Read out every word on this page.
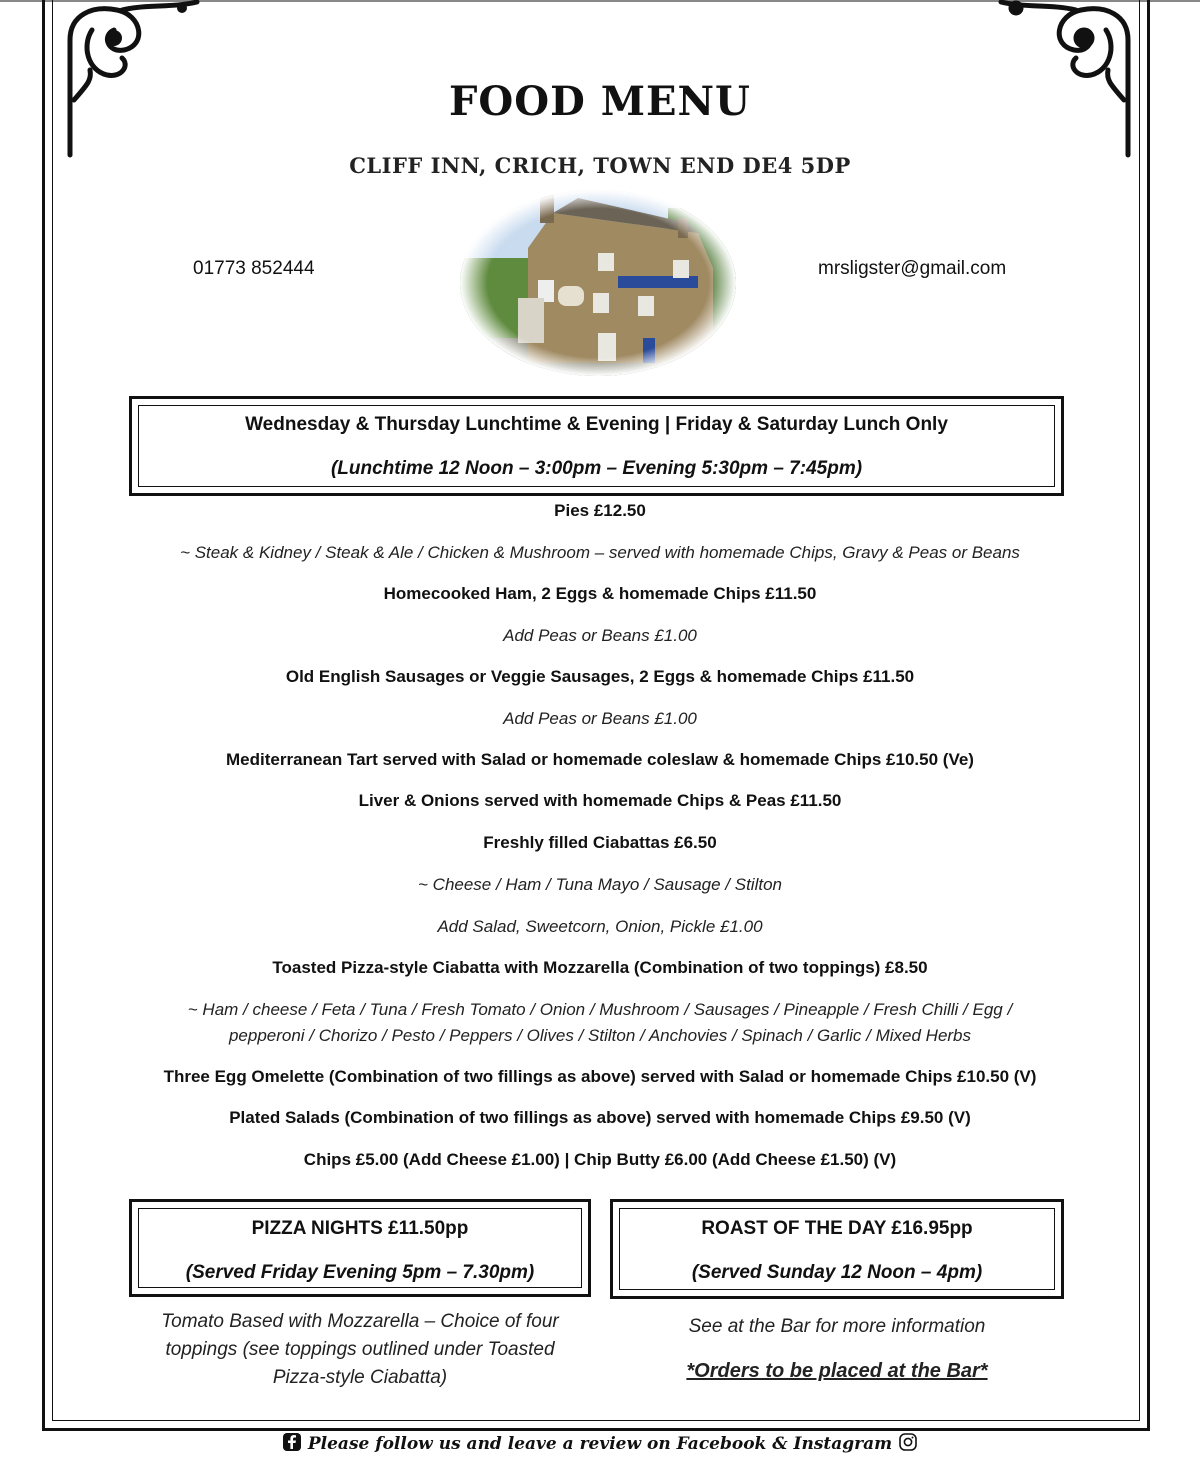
FOOD MENU
CLIFF INN, CRICH, TOWN END DE4 5DP
01773 852444	mrsligster@gmail.com
Wednesday & Thursday Lunchtime & Evening | Friday & Saturday Lunch Only
(Lunchtime 12 Noon – 3:00pm – Evening 5:30pm – 7:45pm)
Pies £12.50
~ Steak & Kidney / Steak & Ale / Chicken & Mushroom – served with homemade Chips, Gravy & Peas or Beans
Homecooked Ham, 2 Eggs & homemade Chips £11.50
Add Peas or Beans £1.00
Old English Sausages or Veggie Sausages, 2 Eggs & homemade Chips £11.50
Add Peas or Beans £1.00
Mediterranean Tart served with Salad or homemade coleslaw & homemade Chips £10.50 (Ve)
Liver & Onions served with homemade Chips & Peas £11.50
Freshly filled Ciabattas £6.50
~ Cheese / Ham / Tuna Mayo / Sausage / Stilton
Add Salad, Sweetcorn, Onion, Pickle £1.00
Toasted Pizza-style Ciabatta with Mozzarella (Combination of two toppings) £8.50
~ Ham / cheese / Feta / Tuna / Fresh Tomato / Onion / Mushroom / Sausages / Pineapple / Fresh Chilli / Egg /
pepperoni / Chorizo / Pesto / Peppers / Olives / Stilton / Anchovies / Spinach / Garlic / Mixed Herbs
Three Egg Omelette (Combination of two fillings as above) served with Salad or homemade Chips £10.50 (V)
Plated Salads (Combination of two fillings as above) served with homemade Chips £9.50 (V)
Chips £5.00 (Add Cheese £1.00) | Chip Butty £6.00 (Add Cheese £1.50) (V)
PIZZA NIGHTS £11.50pp
(Served Friday Evening 5pm – 7.30pm)
Tomato Based with Mozzarella – Choice of four
toppings (see toppings outlined under Toasted
Pizza-style Ciabatta)
ROAST OF THE DAY £16.95pp
(Served Sunday 12 Noon – 4pm)
See at the Bar for more information
*Orders to be placed at the Bar*
Please follow us and leave a review on Facebook & Instagram
